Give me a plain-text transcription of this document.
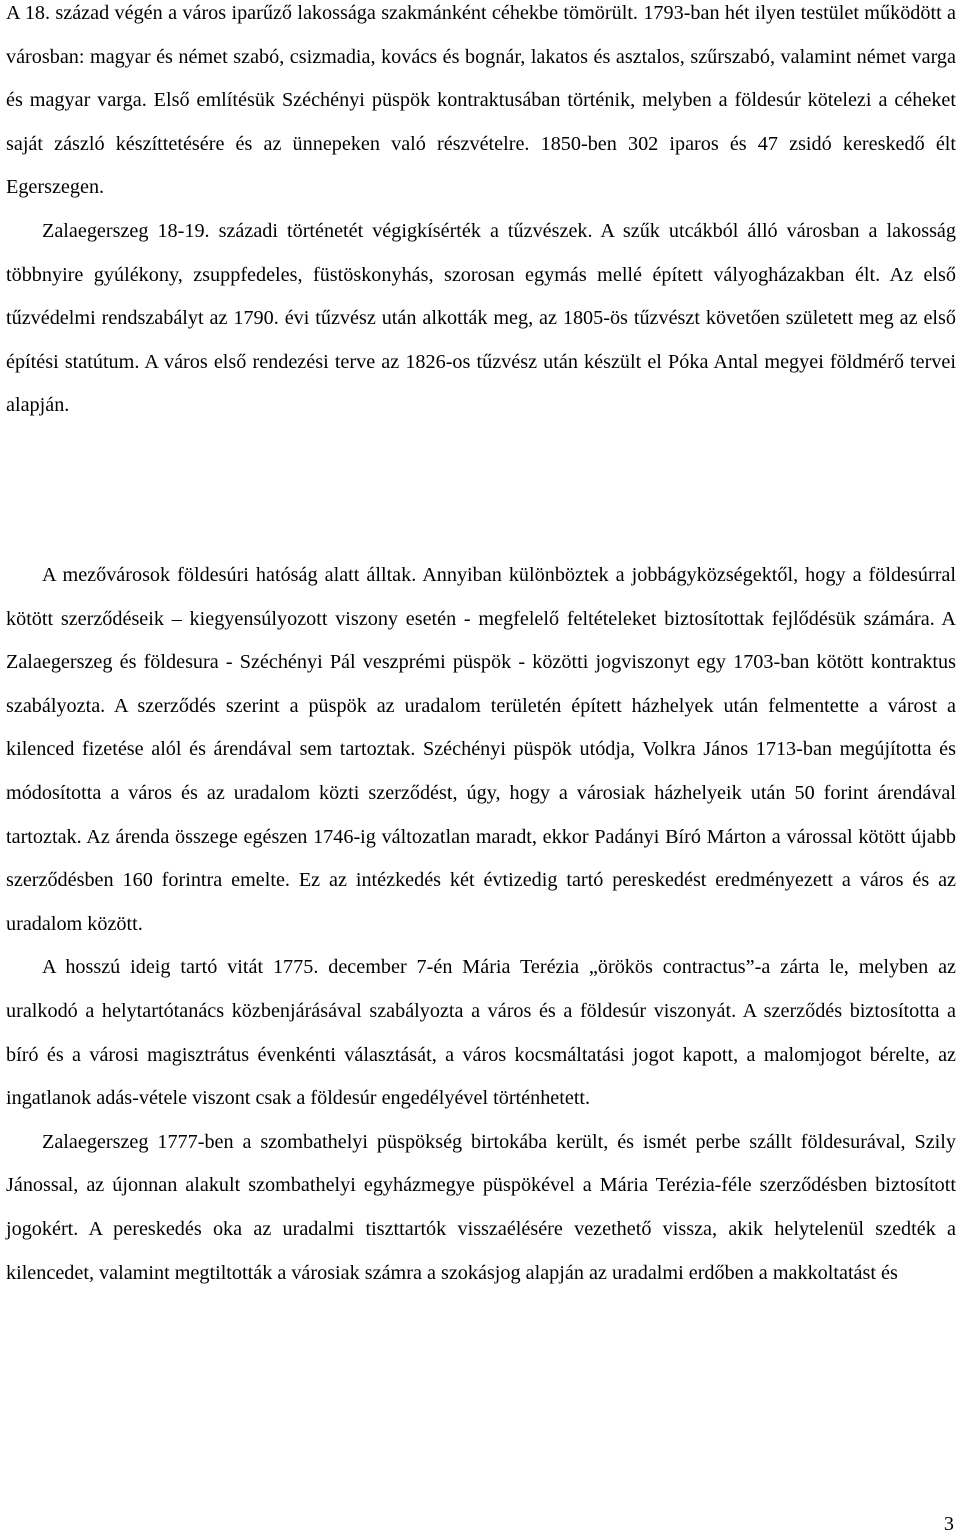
A 18. század végén a város iparűző lakossága szakmánként céhekbe tömörült. 1793-ban hét ilyen testület működött a városban: magyar és német szabó, csizmadia, kovács és bognár, lakatos és asztalos, szűrszabó, valamint német varga és magyar varga. Első említésük Széchényi püspök kontraktusában történik, melyben a földesúr kötelezi a céheket saját zászló készíttetésére és az ünnepeken való részvételre. 1850-ben 302 iparos és 47 zsidó kereskedő élt Egerszegen.

Zalaegerszeg 18-19. századi történetét végigkísérték a tűzvészek. A szűk utcákból álló városban a lakosság többnyire gyúlékony, zsuppfedeles, füstöskonyhás, szorosan egymás mellé épített vályogházakban élt. Az első tűzvédelmi rendszabályt az 1790. évi tűzvész után alkották meg, az 1805-ös tűzvészt követően született meg az első építési statútum. A város első rendezési terve az 1826-os tűzvész után készült el Póka Antal megyei földmérő tervei alapján.

A mezővárosok földesúri hatóság alatt álltak. Annyiban különböztek a jobbágyközségektől, hogy a földesúrral kötött szerződéseik – kiegyensúlyozott viszony esetén - megfelelő feltételeket biztosítottak fejlődésük számára. A Zalaegerszeg és földesura - Széchényi Pál veszprémi püspök - közötti jogviszonyt egy 1703-ban kötött kontraktus szabályozta. A szerződés szerint a püspök az uradalom területén épített házhelyek után felmentette a várost a kilenced fizetése alól és árendával sem tartoztak. Széchényi püspök utódja, Volkra János 1713-ban megújította és módosította a város és az uradalom közti szerződést, úgy, hogy a városiak házhelyeik után 50 forint árendával tartoztak. Az árenda összege egészen 1746-ig változatlan maradt, ekkor Padányi Bíró Márton a várossal kötött újabb szerződésben 160 forintra emelte. Ez az intézkedés két évtizedig tartó pereskedést eredményezett a város és az uradalom között.

A hosszú ideig tartó vitát 1775. december 7-én Mária Terézia „örökös contractus”-a zárta le, melyben az uralkodó a helytartótanács közbenjárásával szabályozta a város és a földesúr viszonyát. A szerződés biztosította a bíró és a városi magisztrátus évenkénti választását, a város kocsmáltatási jogot kapott, a malomjogot bérelte, az ingatlanok adás-vétele viszont csak a földesúr engedélyével történhetett.

Zalaegerszeg 1777-ben a szombathelyi püspökség birtokába került, és ismét perbe szállt földesurával, Szily Jánossal, az újonnan alakult szombathelyi egyházmegye püspökével a Mária Terézia-féle szerződésben biztosított jogokért. A pereskedés oka az uradalmi tiszttartók visszaélésére vezethető vissza, akik helytelenül szedték a kilencedet, valamint megtiltották a városiak számra a szokásjog alapján az uradalmi erdőben a makkoltatást és

3
